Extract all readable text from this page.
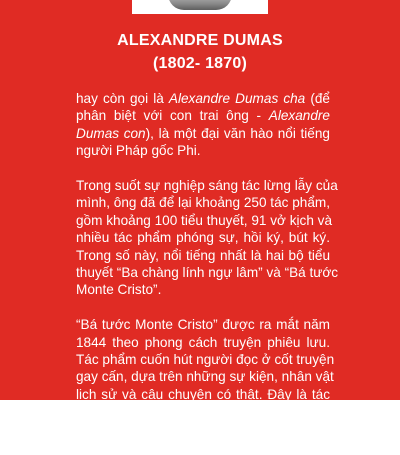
ALEXANDRE DUMAS
(1802- 1870)
hay còn gọi là Alexandre Dumas cha (để
phân biệt với con trai ông - Alexandre
Dumas con), là một đại văn hào nổi tiếng
người Pháp gốc Phi.
Trong suốt sự nghiệp sáng tác lừng lẫy của
mình, ông đã để lại khoảng 250 tác phẩm,
gồm khoảng 100 tiểu thuyết, 91 vở kịch và
nhiều tác phẩm phóng sự, hồi ký, bút ký.
Trong số này, nổi tiếng nhất là hai bộ tiểu
thuyết “Ba chàng lính ngự lâm” và “Bá tước
Monte Cristo”.
“Bá tước Monte Cristo” được ra mắt năm
1844 theo phong cách truyện phiêu lưu.
Tác phẩm cuốn hút người đọc ở cốt truyện
gay cấn, dựa trên những sự kiện, nhân vật
lịch sử và câu chuyện có thật. Đây là tác
phẩm tiêu biểu ngợi ca tinh thần kiên
cường của con người trước nghịch cảnh, sự
